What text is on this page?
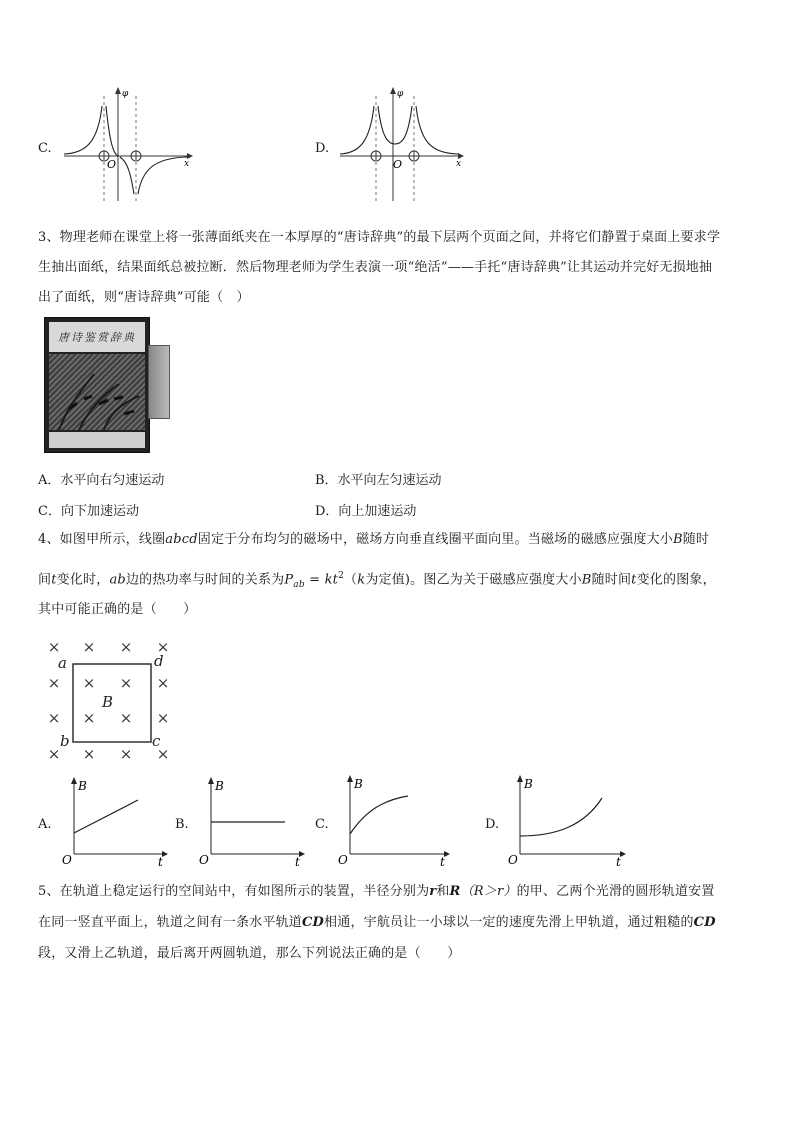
C.
φ
x
O
D.
φ
x
O
3、物理老师在课堂上将一张薄面纸夹在一本厚厚的“唐诗辞典”的最下层两个页面之间，并将它们静置于桌面上要求学
生抽出面纸，结果面纸总被拉断．然后物理老师为学生表演一项“绝活”——手托“唐诗辞典”让其运动并完好无损地抽
出了面纸，则“唐诗辞典”可能（　）
唐诗鉴赏辞典
A．水平向右匀速运动	B．水平向左匀速运动
C．向下加速运动	D．向上加速运动
4、如图甲所示，线圈abcd固定于分布均匀的磁场中，磁场方向垂直线圈平面向里。当磁场的磁感应强度大小B随时
间t变化时，ab边的热功率与时间的关系为$P_{ab} = kt^2(k$为定值)。图乙为关于磁感应强度大小B随时间t变化的图象，
其中可能正确的是（　　）
× × × ×
× × × ×
× × × ×
× × × ×
a	d
b	c
B
A.
B
t
O
B.
B
t
O
C.
B
t
O
D.
B
t
O
5、在轨道上稳定运行的空间站中，有如图所示的装置，半径分别为r和R（R＞r）的甲、乙两个光滑的圆形轨道安置
在同一竖直平面上，轨道之间有一条水平轨道CD相通，宇航员让一小球以一定的速度先滑上甲轨道，通过粗糙的CD
段，又滑上乙轨道，最后离开两圆轨道，那么下列说法正确的是（　　）
